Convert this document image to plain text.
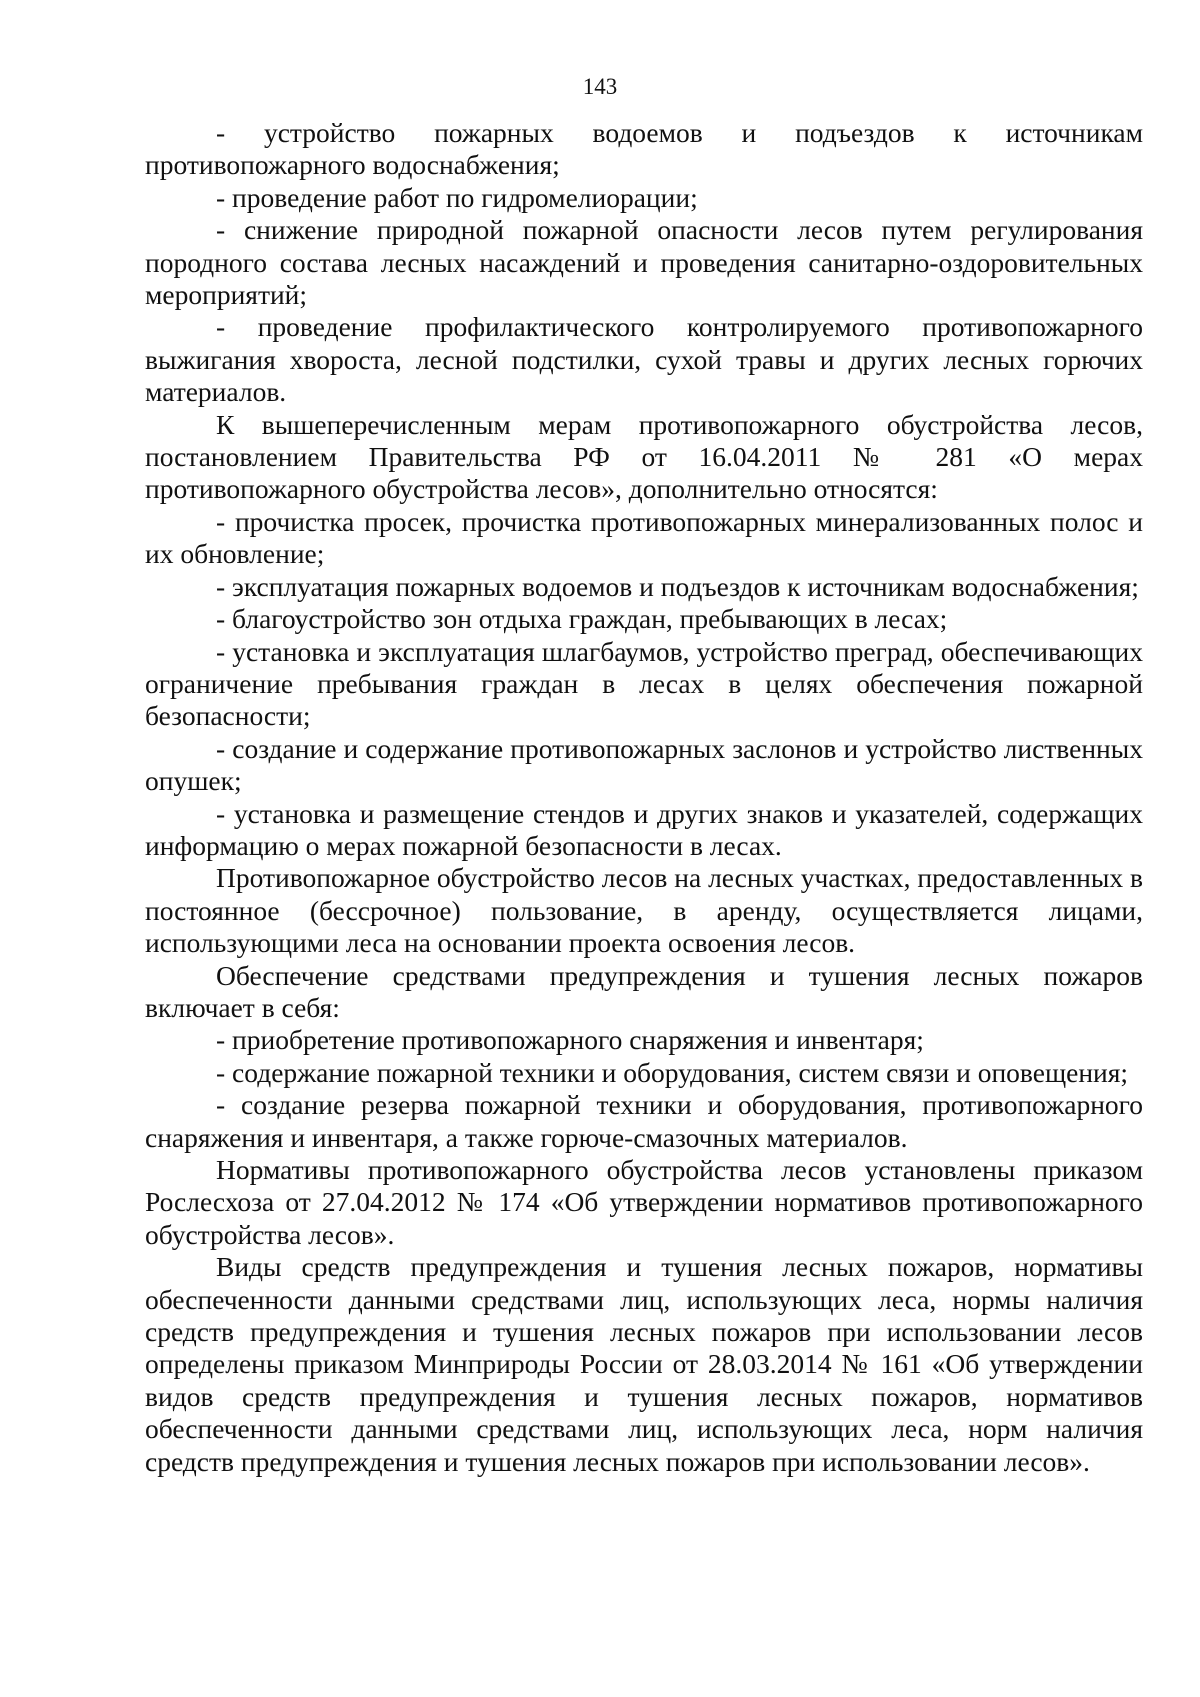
143

- устройство пожарных водоемов и подъездов к источникам противопожарного водоснабжения;

- проведение работ по гидромелиорации;

- снижение природной пожарной опасности лесов путем регулирования породного состава лесных насаждений и проведения санитарно-оздоровительных мероприятий;

- проведение профилактического контролируемого противопожарного выжигания хвороста, лесной подстилки, сухой травы и других лесных горючих материалов.

К вышеперечисленным мерам противопожарного обустройства лесов, постановлением Правительства РФ от 16.04.2011 № 281 «О мерах противопожарного обустройства лесов», дополнительно относятся:

- прочистка просек, прочистка противопожарных минерализованных полос и их обновление;

- эксплуатация пожарных водоемов и подъездов к источникам водоснабжения;

- благоустройство зон отдыха граждан, пребывающих в лесах;

- установка и эксплуатация шлагбаумов, устройство преград, обеспечивающих ограничение пребывания граждан в лесах в целях обеспечения пожарной безопасности;

- создание и содержание противопожарных заслонов и устройство лиственных опушек;

- установка и размещение стендов и других знаков и указателей, содержащих информацию о мерах пожарной безопасности в лесах.

Противопожарное обустройство лесов на лесных участках, предоставленных в постоянное (бессрочное) пользование, в аренду, осуществляется лицами, использующими леса на основании проекта освоения лесов.

Обеспечение средствами предупреждения и тушения лесных пожаров включает в себя:

- приобретение противопожарного снаряжения и инвентаря;

- содержание пожарной техники и оборудования, систем связи и оповещения;

- создание резерва пожарной техники и оборудования, противопожарного снаряжения и инвентаря, а также горюче-смазочных материалов.

Нормативы противопожарного обустройства лесов установлены приказом Рослесхоза от 27.04.2012 № 174 «Об утверждении нормативов противопожарного обустройства лесов».

Виды средств предупреждения и тушения лесных пожаров, нормативы обеспеченности данными средствами лиц, использующих леса, нормы наличия средств предупреждения и тушения лесных пожаров при использовании лесов определены приказом Минприроды России от 28.03.2014 № 161 «Об утверждении видов средств предупреждения и тушения лесных пожаров, нормативов обеспеченности данными средствами лиц, использующих леса, норм наличия средств предупреждения и тушения лесных пожаров при использовании лесов».
